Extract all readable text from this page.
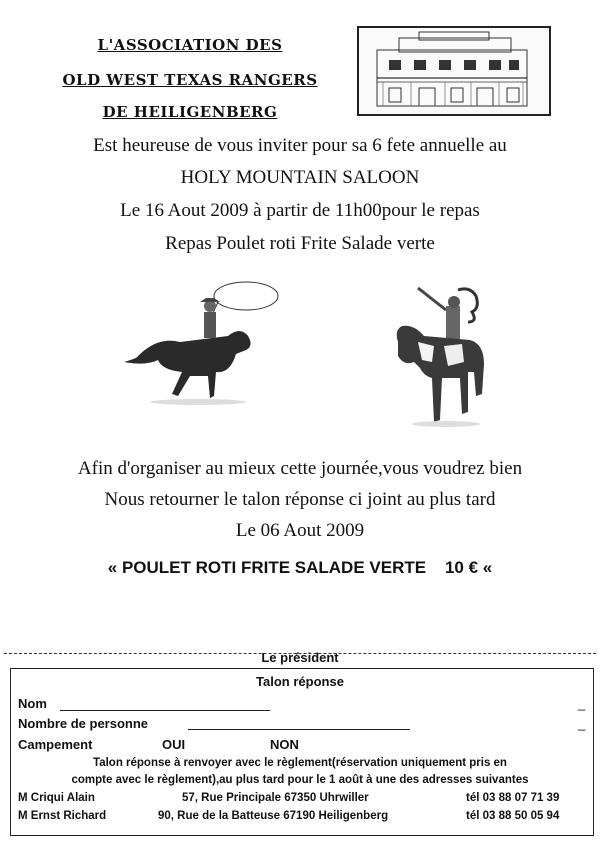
L'ASSOCIATION DES
OLD WEST TEXAS RANGERS
DE HEILIGENBERG
Est heureuse de vous inviter pour sa 6 fete annuelle au
HOLY MOUNTAIN SALOON
Le 16 Aout 2009 à partir de 11h00pour le repas
Repas Poulet roti Frite Salade verte
Afin d'organiser au mieux cette journée,vous voudrez bien
Nous retourner le talon réponse ci joint au plus tard
Le 06 Aout 2009
« POULET ROTI FRITE SALADE VERTE    10 € «
Le président
Talon réponse
Nom	_
Nombre de personne	_
Campement	OUI	NON
Talon réponse à renvoyer avec le règlement(réservation uniquement pris en
compte avec le règlement),au plus tard pour le 1 août à une des adresses suivantes
M Criqui Alain	57, Rue Principale 67350 Uhrwiller	tél 03 88 07 71 39
M Ernst Richard	90, Rue de la Batteuse 67190 Heiligenberg	tél 03 88 50 05 94
